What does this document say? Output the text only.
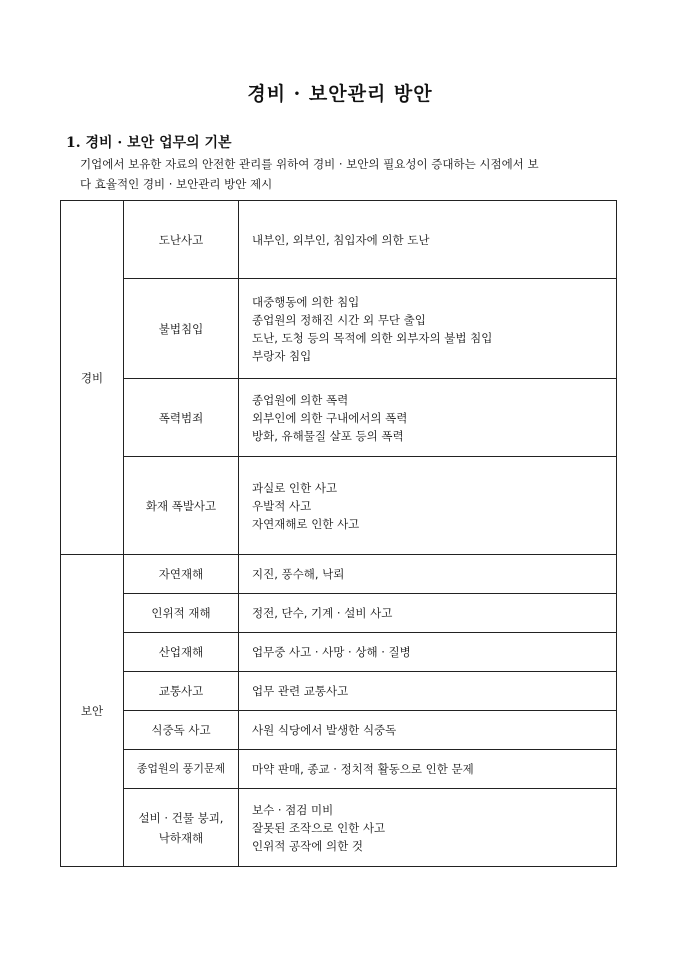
경비 · 보안관리 방안
1. 경비 · 보안 업무의 기본
기업에서 보유한 자료의 안전한 관리를 위하여 경비 · 보안의 필요성이 증대하는 시점에서 보
다 효율적인 경비 · 보안관리 방안 제시
경비	도난사고	내부인, 외부인, 침입자에 의한 도난

	불법침입	대중행동에 의한 침입
종업원의 정해진 시간 외 무단 출입
도난, 도청 등의 목적에 의한 외부자의 불법 침입
부랑자 침입

	폭력범죄	종업원에 의한 폭력
외부인에 의한 구내에서의 폭력
방화, 유해물질 살포 등의 폭력

	화재 폭발사고	과실로 인한 사고
우발적 사고
자연재해로 인한 사고

보안	자연재해	지진, 풍수해, 낙뢰

	인위적 재해	정전, 단수, 기계 · 설비 사고

	산업재해	업무중 사고 · 사망 · 상해 · 질병

	교통사고	업무 관련 교통사고

	식중독 사고	사원 식당에서 발생한 식중독

	종업원의 풍기문제	마약 판매, 종교 · 정치적 활동으로 인한 문제

	설비 · 건물 붕괴,
낙하재해	보수 · 점검 미비
잘못된 조작으로 인한 사고
인위적 공작에 의한 것
